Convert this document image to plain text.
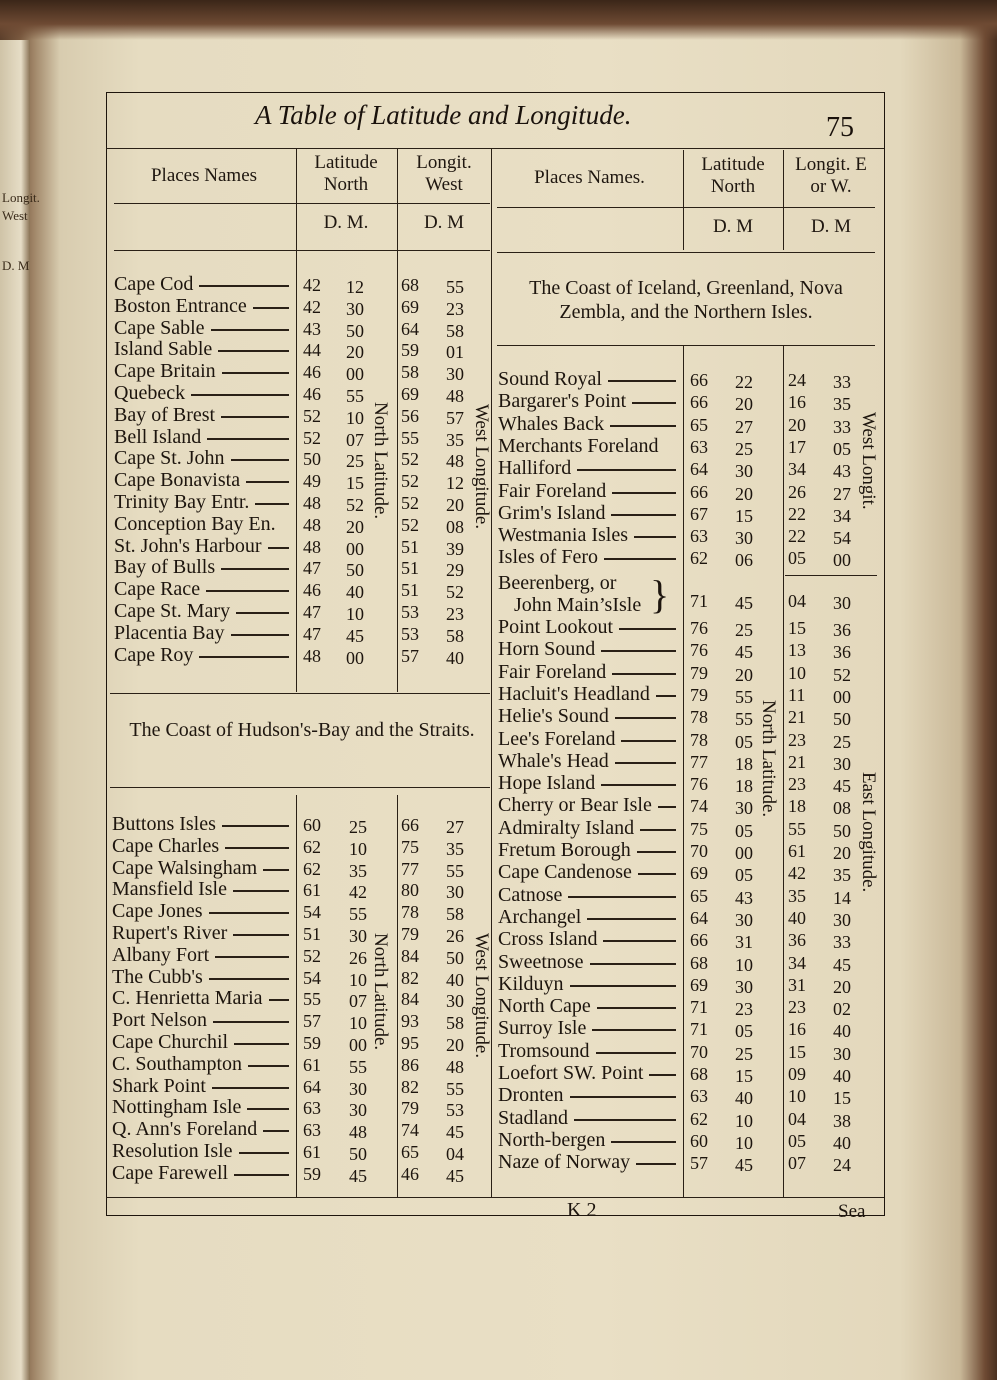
Longit.
West
D. M
A Table of Latitude and Longitude.	75
Places Names
Latitude North
Longit. West
D. M.	D. M
Places Names.
Latitude North
Longit. E or W.
D. M	D. M
The Coast of Iceland, Greenland, Nova Zembla, and the Northern Isles.
The Coast of Hudson's-Bay and the Straits.
North Latitude.	West Longitude.
North Latitude.	West Longitude.
West Longit.
North Latitude.
East Longitude.
}
Cape Cod	42 12 68 55
Boston Entrance	42 30 69 23
Cape Sable	43 50 64 58
Island Sable	44 20 59 01
Cape Britain	46 00 58 30
Quebeck	46 55 69 48
Bay of Brest	52 10 56 57
Bell Island	52 07 55 35
Cape St. John	50 25 52 48
Cape Bonavista	49 15 52 12
Trinity Bay Entr.	48 52 52 20
Conception Bay En. 48 20 52 08
St. John's Harbour 48 00 51 39
Bay of Bulls	47 50 51 29
Cape Race	46 40 51 52
Cape St. Mary	47 10 53 23
Placentia Bay	47 45 53 58
Cape Roy	48 00 57 40
Buttons Isles	60 25 66 27
Cape Charles	62 10 75 35
Cape Walsingham	62 35 77 55
Mansfield Isle	61 42 80 30
Cape Jones	54 55 78 58
Rupert's River	51 30 79 26
Albany Fort	52 26 84 50
The Cubb's	54 10 82 40
C. Henrietta Maria 55 07 84 30
Port Nelson	57 10 93 58
Cape Churchil	59 00 95 20
C. Southampton	61 55 86 48
Shark Point	64 30 82 55
Nottingham Isle	63 30 79 53
Q. Ann's Foreland	63 48 74 45
Resolution Isle	61 50 65 04
Cape Farewell	59 45 46 45
Sound Royal	66 22 24 33
Bargarer's Point	66 20 16 35
Whales Back	65 27 20 33
Merchants Foreland 63 25 17 05
Halliford	64 30 34 43
Fair Foreland	66 20 26 27
Grim's Island	67 15 22 34
Westmania Isles	63 30 22 54
Isles of Fero	62 06 05 00
Beerenberg, or
John Main’sIsle	71 45 04 30
Point Lookout	76 25 15 36
Horn Sound	76 45 13 36
Fair Foreland	79 20 10 52
Hacluit's Headland 79 55 11 00
Helie's Sound	78 55 21 50
Lee's Foreland	78 05 23 25
Whale's Head	77 18 21 30
Hope Island	76 18 23 45
Cherry or Bear Isle 74 30 18 08
Admiralty Island	75 05 55 50
Fretum Borough	70 00 61 20
Cape Candenose	69 05 42 35
Catnose	65 43 35 14
Archangel	64 30 40 30
Cross Island	66 31 36 33
Sweetnose	68 10 34 45
Kilduyn	69 30 31 20
North Cape	71 23 23 02
Surroy Isle	71 05 16 40
Tromsound	70 25 15 30
Loefort SW. Point	68 15 09 40
Dronten	63 40 10 15
Stadland	62 10 04 38
North-bergen	60 10 05 40
Naze of Norway	57 45 07 24
K 2	Sea
